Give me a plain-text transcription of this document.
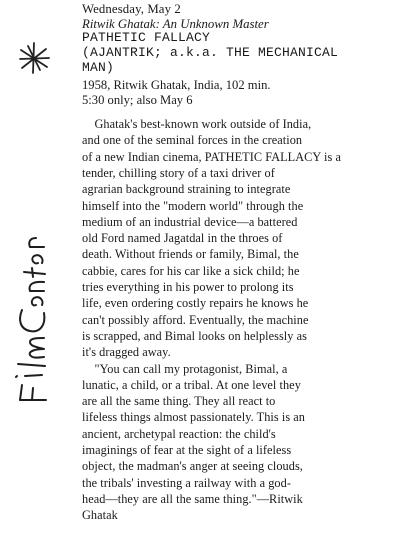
Wednesday, May 2
Ritwik Ghatak: An Unknown Master
PATHETIC FALLACY
(AJANTRIK; a.k.a. THE MECHANICAL
MAN)
1958, Ritwik Ghatak, India, 102 min.
5:30 only; also May 6
Ghatak's best-known work outside of India,
and one of the seminal forces in the creation
of a new Indian cinema, PATHETIC FALLACY is a
tender, chilling story of a taxi driver of
agrarian background straining to integrate
himself into the "modern world" through the
medium of an industrial device—a battered
old Ford named Jagatdal in the throes of
death. Without friends or family, Bimal, the
cabbie, cares for his car like a sick child; he
tries everything in his power to prolong its
life, even ordering costly repairs he knows he
can't possibly afford. Eventually, the machine
is scrapped, and Bimal looks on helplessly as
it's dragged away.
"You can call my protagonist, Bimal, a
lunatic, a child, or a tribal. At one level they
are all the same thing. They all react to
lifeless things almost passionately. This is an
ancient, archetypal reaction: the child's
imaginings of fear at the sight of a lifeless
object, the madman's anger at seeing clouds,
the tribals' investing a railway with a god-
head—they are all the same thing."—Ritwik
Ghatak
